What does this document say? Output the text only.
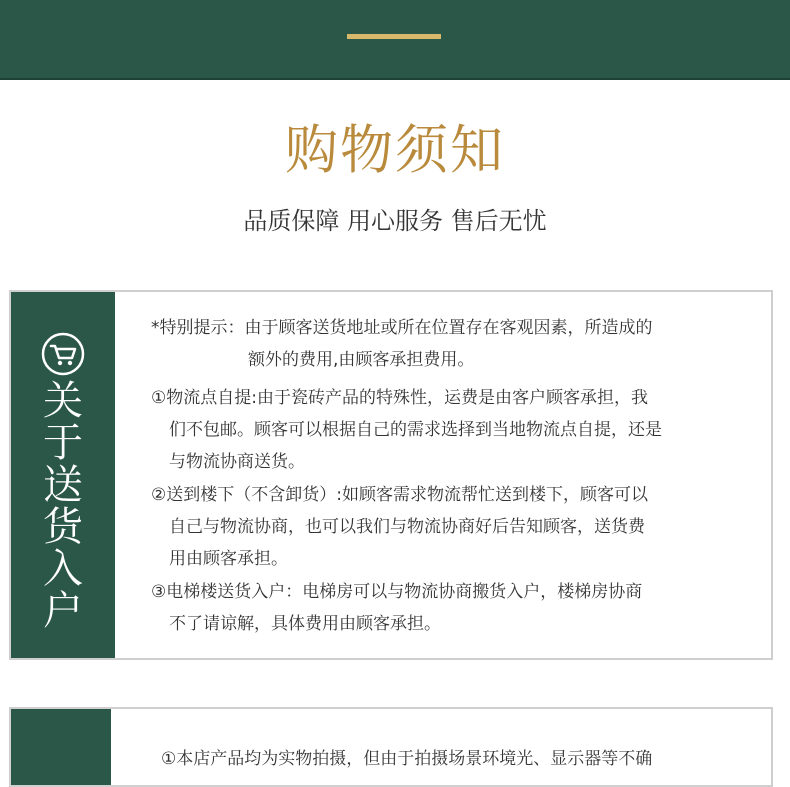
购物须知
品质保障 用心服务 售后无忧
关于送货入户

*特别提示：由于顾客送货地址或所在位置存在客观因素，所造成的
额外的费用,由顾客承担费用。

①物流点自提:由于瓷砖产品的特殊性，运费是由客户顾客承担，我
们不包邮。顾客可以根据自己的需求选择到当地物流点自提，还是
与物流协商送货。
②送到楼下（不含卸货）:如顾客需求物流帮忙送到楼下，顾客可以
自己与物流协商，也可以我们与物流协商好后告知顾客，送货费
用由顾客承担。
③电梯楼送货入户：电梯房可以与物流协商搬货入户，楼梯房协商
不了请谅解，具体费用由顾客承担。
①本店产品均为实物拍摄，但由于拍摄场景环境光、显示器等不确
